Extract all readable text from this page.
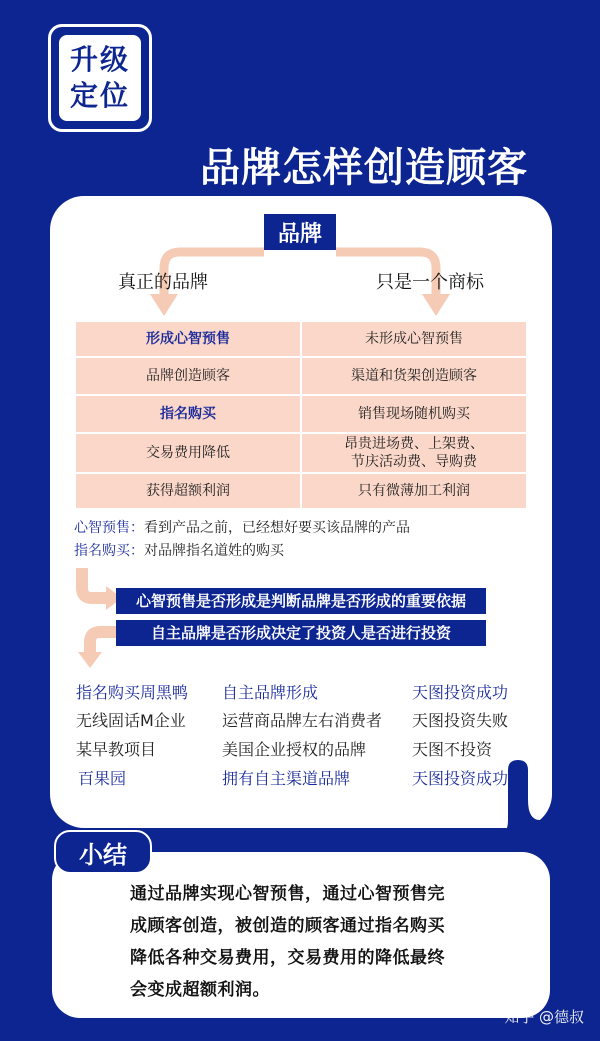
升级
定位
品牌怎样创造顾客
品牌
真正的品牌	只是一个商标
形成心智预售	未形成心智预售
品牌创造顾客	渠道和货架创造顾客
指名购买	销售现场随机购买
交易费用降低	昂贵进场费、上架费、
节庆活动费、导购费

获得超额利润	只有微薄加工利润
心智预售：看到产品之前，已经想好要买该品牌的产品
指名购买：对品牌指名道姓的购买
心智预售是否形成是判断品牌是否形成的重要依据
自主品牌是否形成决定了投资人是否进行投资
指名购买周黑鸭 自主品牌形成	天图投资成功
无线固话M企业 运营商品牌左右消费者 天图投资失败
某早教项目	美国企业授权的品牌	天图不投资
百果园	拥有自主渠道品牌	天图投资成功
小结
通过品牌实现心智预售，通过心智预售完
成顾客创造，被创造的顾客通过指名购买
降低各种交易费用，交易费用的降低最终
会变成超额利润。
知乎 @德叔
